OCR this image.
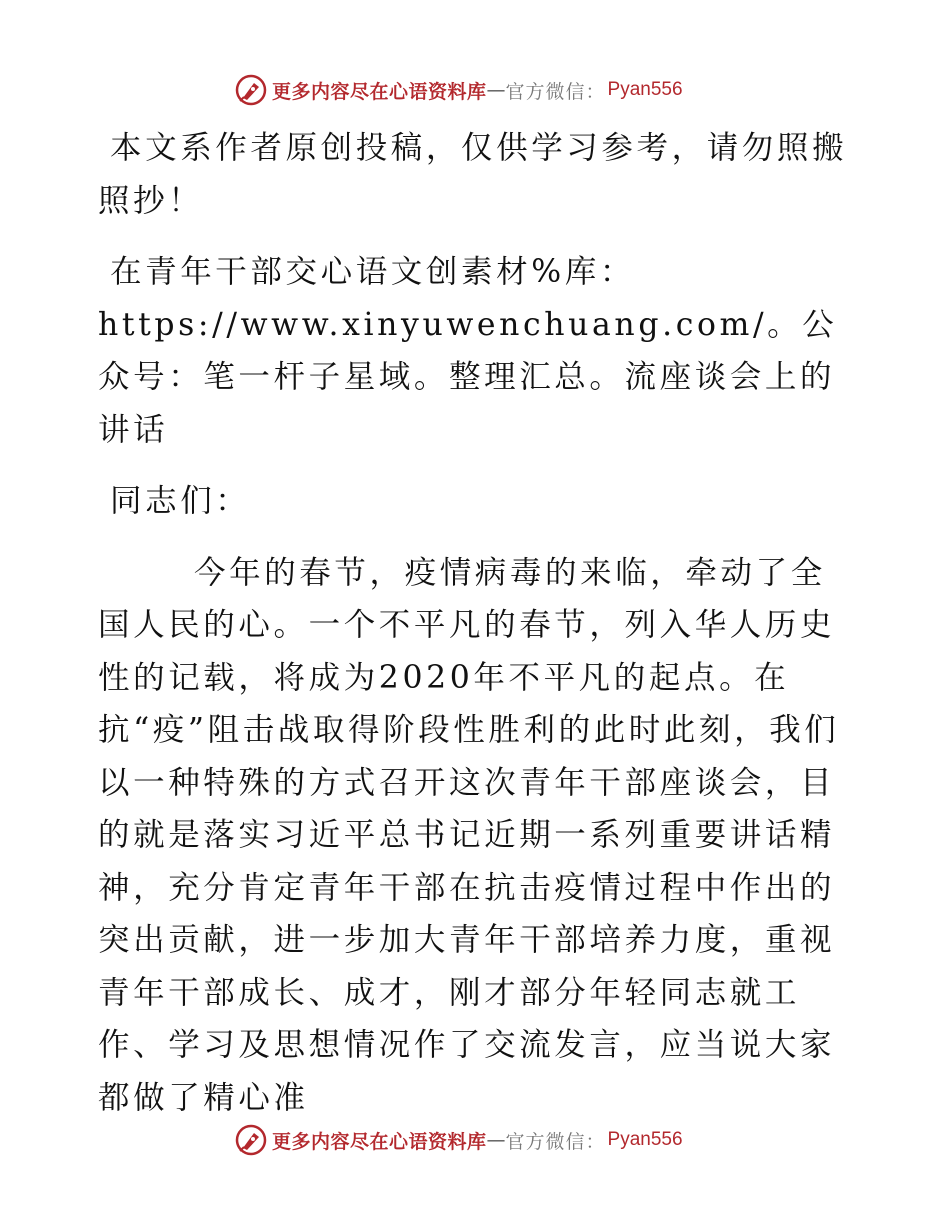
更多内容尽在心语资料库 — 官方微信： Pyan556

本文系作者原创投稿，仅供学习参考，请勿照搬照抄！

在青年干部交心语文创素材%库：https://www.xinyuwenchuang.com/。公众号：笔一杆子星域。整理汇总。流座谈会上的讲话

同志们：

今年的春节，疫情病毒的来临，牵动了全国人民的心。一个不平凡的春节，列入华人历史性的记载，将成为2020年不平凡的起点。在

抗“疫”阻击战取得阶段性胜利的此时此刻，我们以一种特殊的方式召开这次青年干部座谈会，目的就是落实习近平总书记近期一系列重要讲话精神，充分肯定青年干部在抗击疫情过程中作出的突出贡献，进一步加大青年干部培养力度，重视青年干部成长、成才，刚才部分年轻同志就工作、学习及思想情况作了交流发言，应当说大家都做了精心准

更多内容尽在心语资料库 — 官方微信： Pyan556
